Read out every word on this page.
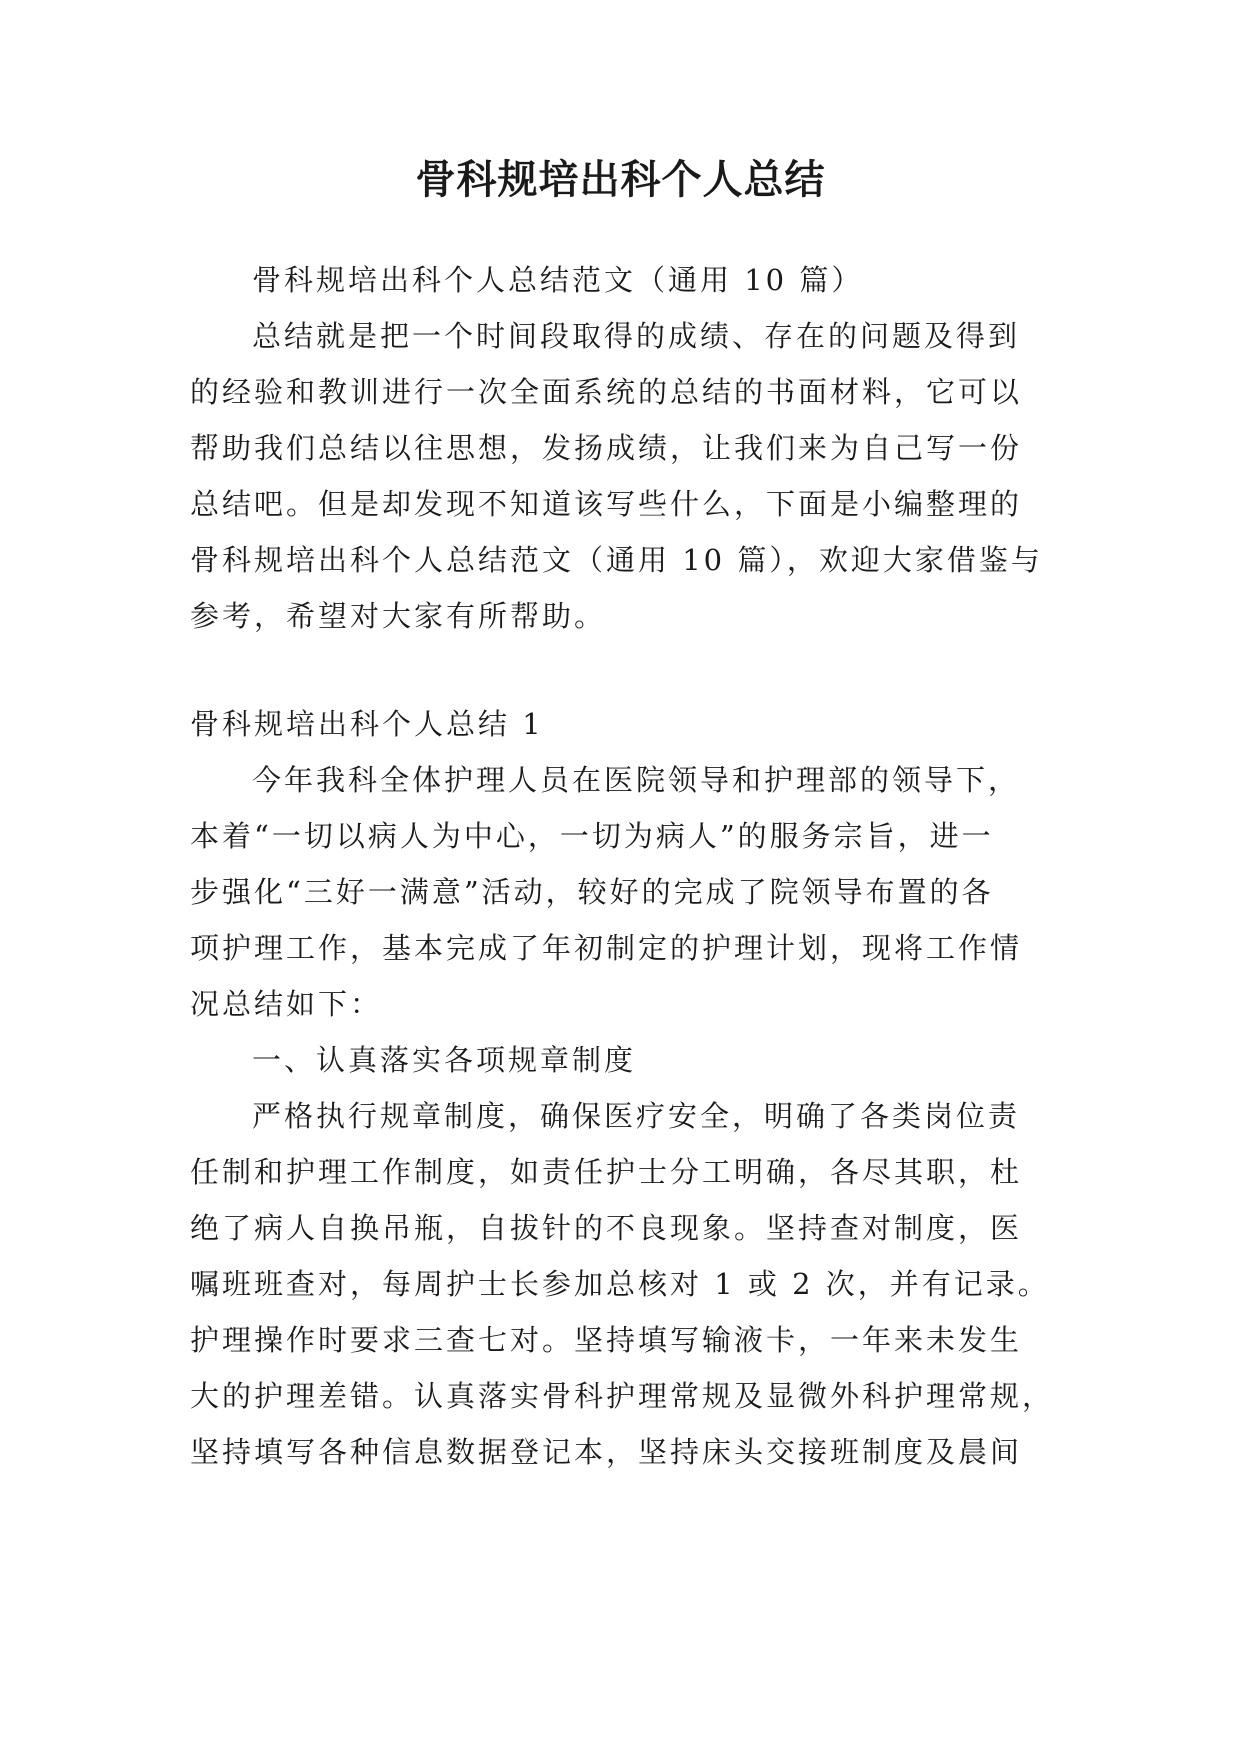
骨科规培出科个人总结
骨科规培出科个人总结范文（通用 10 篇）
总结就是把一个时间段取得的成绩、存在的问题及得到
的经验和教训进行一次全面系统的总结的书面材料，它可以
帮助我们总结以往思想，发扬成绩，让我们来为自己写一份
总结吧。但是却发现不知道该写些什么，下面是小编整理的
骨科规培出科个人总结范文（通用 10 篇），欢迎大家借鉴与
参考，希望对大家有所帮助。
骨科规培出科个人总结 1
今年我科全体护理人员在医院领导和护理部的领导下，
本着“一切以病人为中心，一切为病人”的服务宗旨，进一
步强化“三好一满意”活动，较好的完成了院领导布置的各
项护理工作，基本完成了年初制定的护理计划，现将工作情
况总结如下：
一、认真落实各项规章制度
严格执行规章制度，确保医疗安全，明确了各类岗位责
任制和护理工作制度，如责任护士分工明确，各尽其职，杜
绝了病人自换吊瓶，自拔针的不良现象。坚持查对制度，医
嘱班班查对，每周护士长参加总核对 1 或 2 次，并有记录。
护理操作时要求三查七对。坚持填写输液卡，一年来未发生
大的护理差错。认真落实骨科护理常规及显微外科护理常规，
坚持填写各种信息数据登记本，坚持床头交接班制度及晨间
